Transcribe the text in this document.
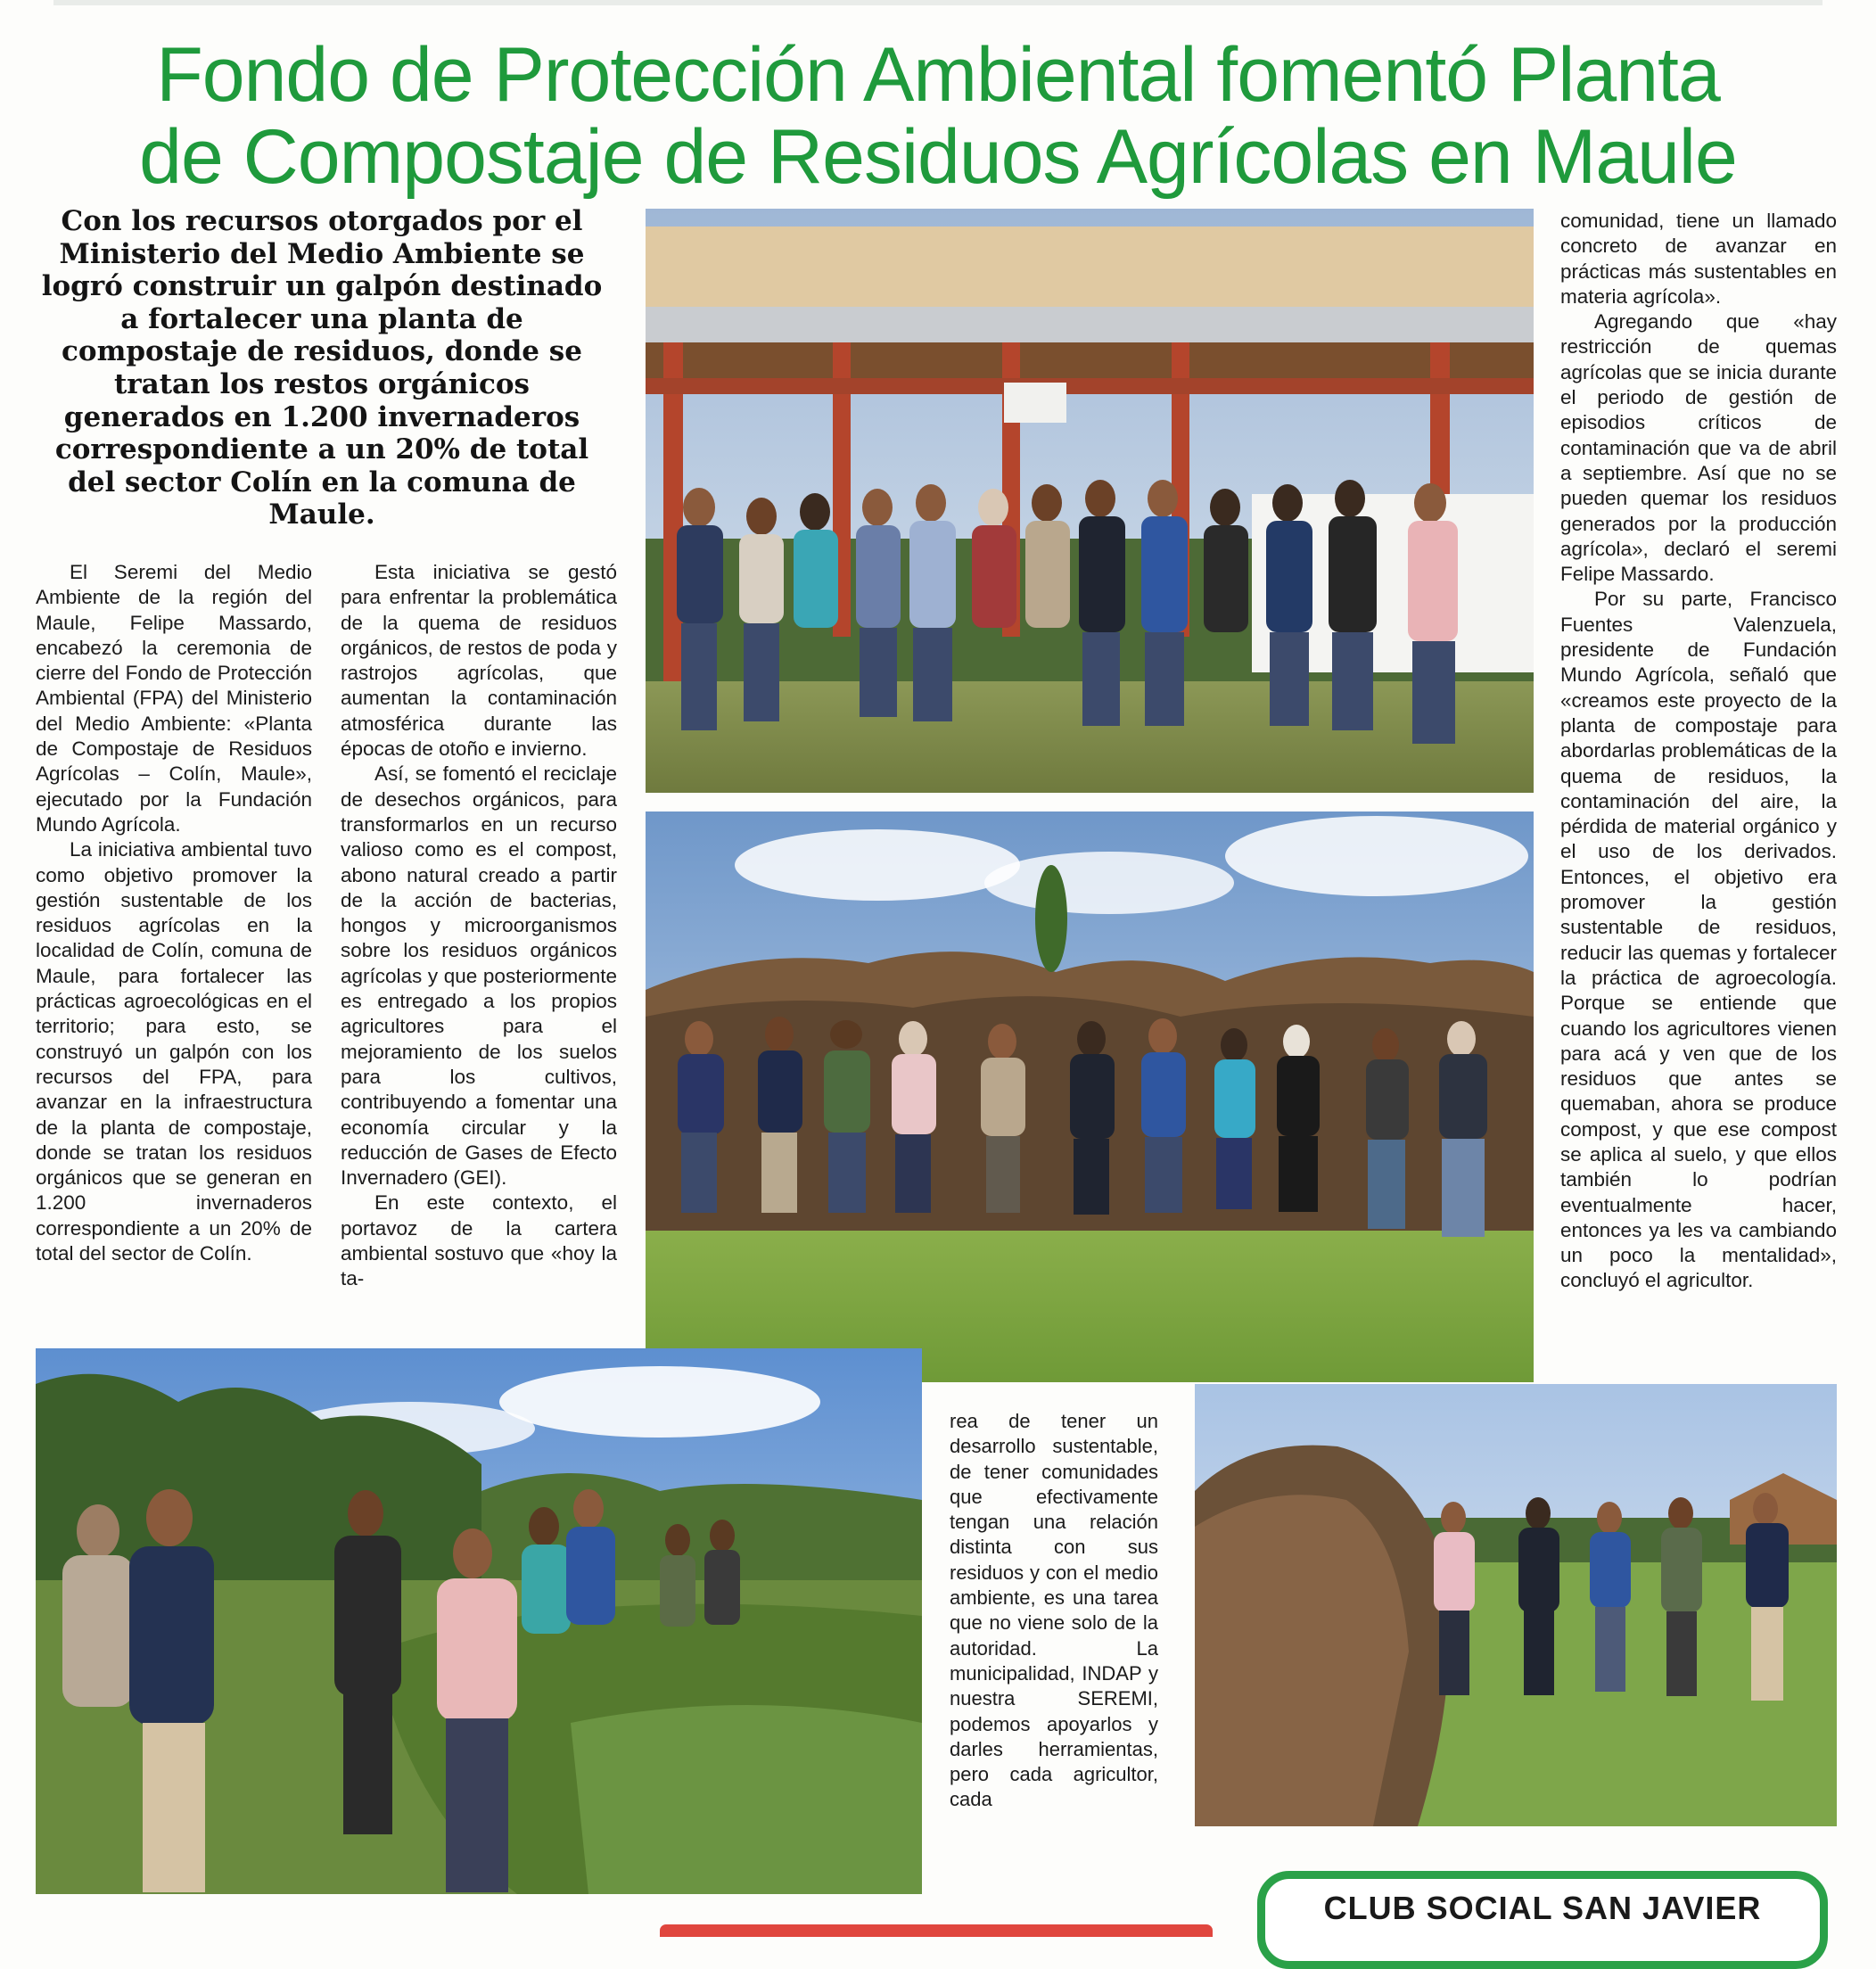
Fondo de Protección Ambiental fomentó Planta
de Compostaje de Residuos Agrícolas en Maule
Con los recursos otorgados por el Ministerio del Medio Ambiente se logró construir un galpón destinado a fortalecer una planta de compostaje de residuos, donde se tratan los restos orgánicos generados en 1.200 invernaderos correspondiente a un 20% de total del sector Colín en la comuna de Maule.

El Seremi del Medio Ambiente de la región del Maule, Felipe Massardo, encabezó la ceremonia de cierre del Fondo de Protección Ambiental (FPA) del Ministerio del Medio Ambiente: «Planta de Compostaje de Residuos Agrícolas – Colín, Maule», ejecutado por la Fundación Mundo Agrícola.

La iniciativa ambiental tuvo como objetivo promover la gestión sustentable de los residuos agrícolas en la localidad de Colín, comuna de Maule, para fortalecer las prácticas agroecológicas en el territorio; para esto, se construyó un galpón con los recursos del FPA, para avanzar en la infraestructura de la planta de compostaje, donde se tratan los residuos orgánicos que se generan en 1.200 invernaderos correspondiente a un 20% de total del sector de Colín.

Esta iniciativa se gestó para enfrentar la problemática de la quema de residuos orgánicos, de restos de poda y rastrojos agrícolas, que aumentan la contaminación atmosférica durante las épocas de otoño e invierno.

Así, se fomentó el reciclaje de desechos orgánicos, para transformarlos en un recurso valioso como es el compost, abono natural creado a partir de la acción de bacterias, hongos y microorganismos sobre los residuos orgánicos agrícolas y que posteriormente es entregado a los propios agricultores para el mejoramiento de los suelos para los cultivos, contribuyendo a fomentar una economía circular y la reducción de Gases de Efecto Invernadero (GEI).

En este contexto, el portavoz de la cartera ambiental sostuvo que «hoy la ta-

rea de tener un desarrollo sustentable, de tener comunidades que efectivamente tengan una relación distinta con sus residuos y con el medio ambiente, es una tarea que no viene solo de la autoridad. La municipalidad, INDAP y nuestra SEREMI, podemos apoyarlos y darles herramientas, pero cada agricultor, cada

comunidad, tiene un llamado concreto de avanzar en prácticas más sustentables en materia agrícola».

Agregando que «hay restricción de quemas agrícolas que se inicia durante el periodo de gestión de episodios críticos de contaminación que va de abril a septiembre. Así que no se pueden quemar los residuos generados por la producción agrícola», declaró el seremi Felipe Massardo.

Por su parte, Francisco Fuentes Valenzuela, presidente de Fundación Mundo Agrícola, señaló que «creamos este proyecto de la planta de compostaje para abordarlas problemáticas de la quema de residuos, la contaminación del aire, la pérdida de material orgánico y el uso de los derivados. Entonces, el objetivo era promover la gestión sustentable de residuos, reducir las quemas y fortalecer la práctica de agroecología. Porque se entiende que cuando los agricultores vienen para acá y ven que de los residuos que antes se quemaban, ahora se produce compost, y que ese compost se aplica al suelo, y que ellos también lo podrían eventualmente hacer, entonces ya les va cambiando un poco la mentalidad», concluyó el agricultor.

CLUB SOCIAL SAN JAVIER
